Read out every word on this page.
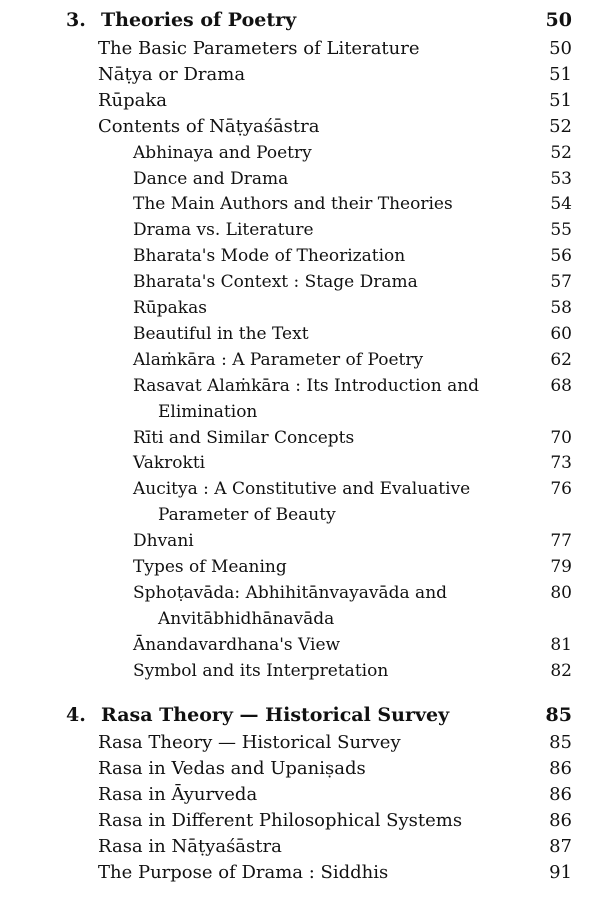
3. Theories of Poetry	50
The Basic Parameters of Literature	50
Nāṭya or Drama	51
Rūpaka	51
Contents of Nāṭyaśāstra	52
Abhinaya and Poetry	52
Dance and Drama	53
The Main Authors and their Theories	54
Drama vs. Literature	55
Bharata's Mode of Theorization	56
Bharata's Context : Stage Drama	57
Rūpakas	58
Beautiful in the Text	60
Alaṁkāra : A Parameter of Poetry	62
Rasavat Alaṁkāra : Its Introduction and	68
Elimination
Rīti and Similar Concepts	70
Vakrokti	73
Aucitya : A Constitutive and Evaluative	76
Parameter of Beauty
Dhvani	77
Types of Meaning	79
Sphoṭavāda: Abhihitānvayavāda and	80
Anvitābhidhānavāda
Ānandavardhana's View	81
Symbol and its Interpretation	82
4. Rasa Theory — Historical Survey	85
Rasa Theory — Historical Survey	85
Rasa in Vedas and Upaniṣads	86
Rasa in Āyurveda	86
Rasa in Different Philosophical Systems	86
Rasa in Nāṭyaśāstra	87
The Purpose of Drama : Siddhis	91
